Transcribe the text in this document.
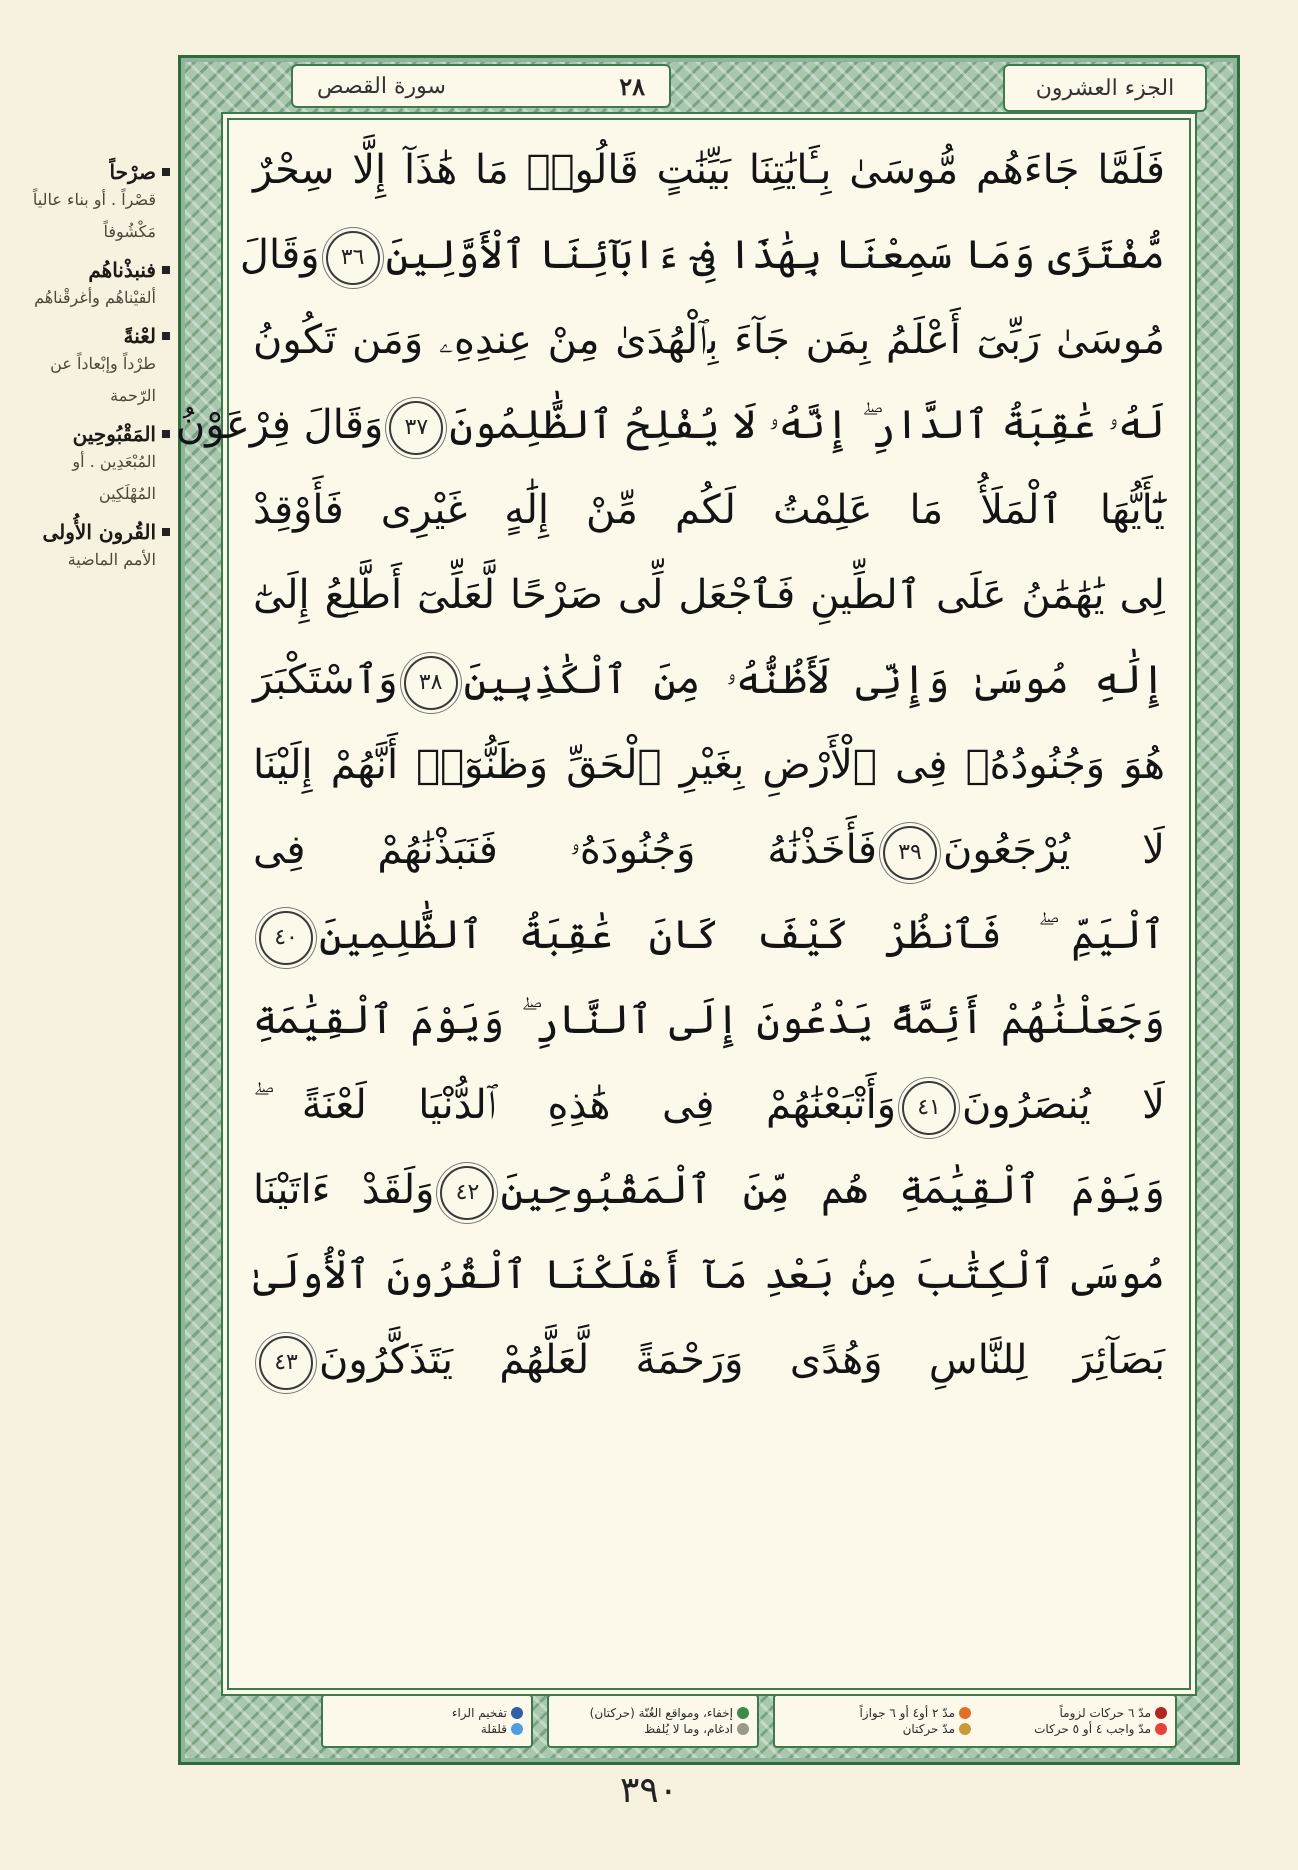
صرْحاً
قصْراً . أو بناء عالياً مَكْشُوفاً
فنبذْناهُم
ألقيْناهُم وأغرقْناهُم
لعْنةً
طرْداً وإبْعاداً عن الرّحمة
المَقْبُوحِين
المُبْعَدِين . أو المُهْلَكِين
القُرون الأُولى
الأمم الماضية
٢٨
سورة القصص	الجزء العشرون
فَلَمَّا جَاءَهُم مُّوسَىٰ بِـَٔايَٰتِنَا بَيِّنَٰتٍ قَالُوا۟ مَا هَٰذَآ إِلَّا سِحْرٌ
مُّفْتَرًى وَمَا سَمِعْنَا بِهَٰذَا فِىٓ ءَابَآئِنَا ٱلْأَوَّلِينَ٣٦وَقَالَ
مُوسَىٰ رَبِّىٓ أَعْلَمُ بِمَن جَآءَ بِٱلْهُدَىٰ مِنْ عِندِهِۦ وَمَن تَكُونُ
لَهُۥ عَٰقِبَةُ ٱلدَّارِ ۖ إِنَّهُۥ لَا يُفْلِحُ ٱلظَّٰلِمُونَ٣٧وَقَالَ فِرْعَوْنُ
يَٰٓأَيُّهَا ٱلْمَلَأُ مَا عَلِمْتُ لَكُم مِّنْ إِلَٰهٍ غَيْرِى فَأَوْقِدْ
لِى يَٰهَٰمَٰنُ عَلَى ٱلطِّينِ فَٱجْعَل لِّى صَرْحًا لَّعَلِّىٓ أَطَّلِعُ إِلَىٰٓ
إِلَٰهِ مُوسَىٰ وَإِنِّى لَأَظُنُّهُۥ مِنَ ٱلْكَٰذِبِينَ٣٨وَٱسْتَكْبَرَ
هُوَ وَجُنُودُهُۥ فِى ٱلْأَرْضِ بِغَيْرِ ٱلْحَقِّ وَظَنُّوٓا۟ أَنَّهُمْ إِلَيْنَا
لَا يُرْجَعُونَ٣٩فَأَخَذْنَٰهُ وَجُنُودَهُۥ فَنَبَذْنَٰهُمْ فِى
ٱلْيَمِّ ۖ فَٱنظُرْ كَيْفَ كَانَ عَٰقِبَةُ ٱلظَّٰلِمِينَ٤٠
وَجَعَلْنَٰهُمْ أَئِمَّةً يَدْعُونَ إِلَى ٱلنَّارِ ۖ وَيَوْمَ ٱلْقِيَٰمَةِ
لَا يُنصَرُونَ٤١وَأَتْبَعْنَٰهُمْ فِى هَٰذِهِ ٱلدُّنْيَا لَعْنَةً ۖ
وَيَوْمَ ٱلْقِيَٰمَةِ هُم مِّنَ ٱلْمَقْبُوحِينَ٤٢وَلَقَدْ ءَاتَيْنَا
مُوسَى ٱلْكِتَٰبَ مِنۢ بَعْدِ مَآ أَهْلَكْنَا ٱلْقُرُونَ ٱلْأُولَىٰ
بَصَآئِرَ لِلنَّاسِ وَهُدًى وَرَحْمَةً لَّعَلَّهُمْ يَتَذَكَّرُونَ٤٣
مدّ ٦ حركات لزوماً
مدّ ٢ أو٤ أو ٦ جوازاً
مدّ واجب ٤ أو ٥ حركات
مدّ حركتان
إخفاء، ومواقع الغُنّة (حركتان)
ادغام، وما لا يُلفظ
تفخيم الراء
قلقلة
٣٩٠
